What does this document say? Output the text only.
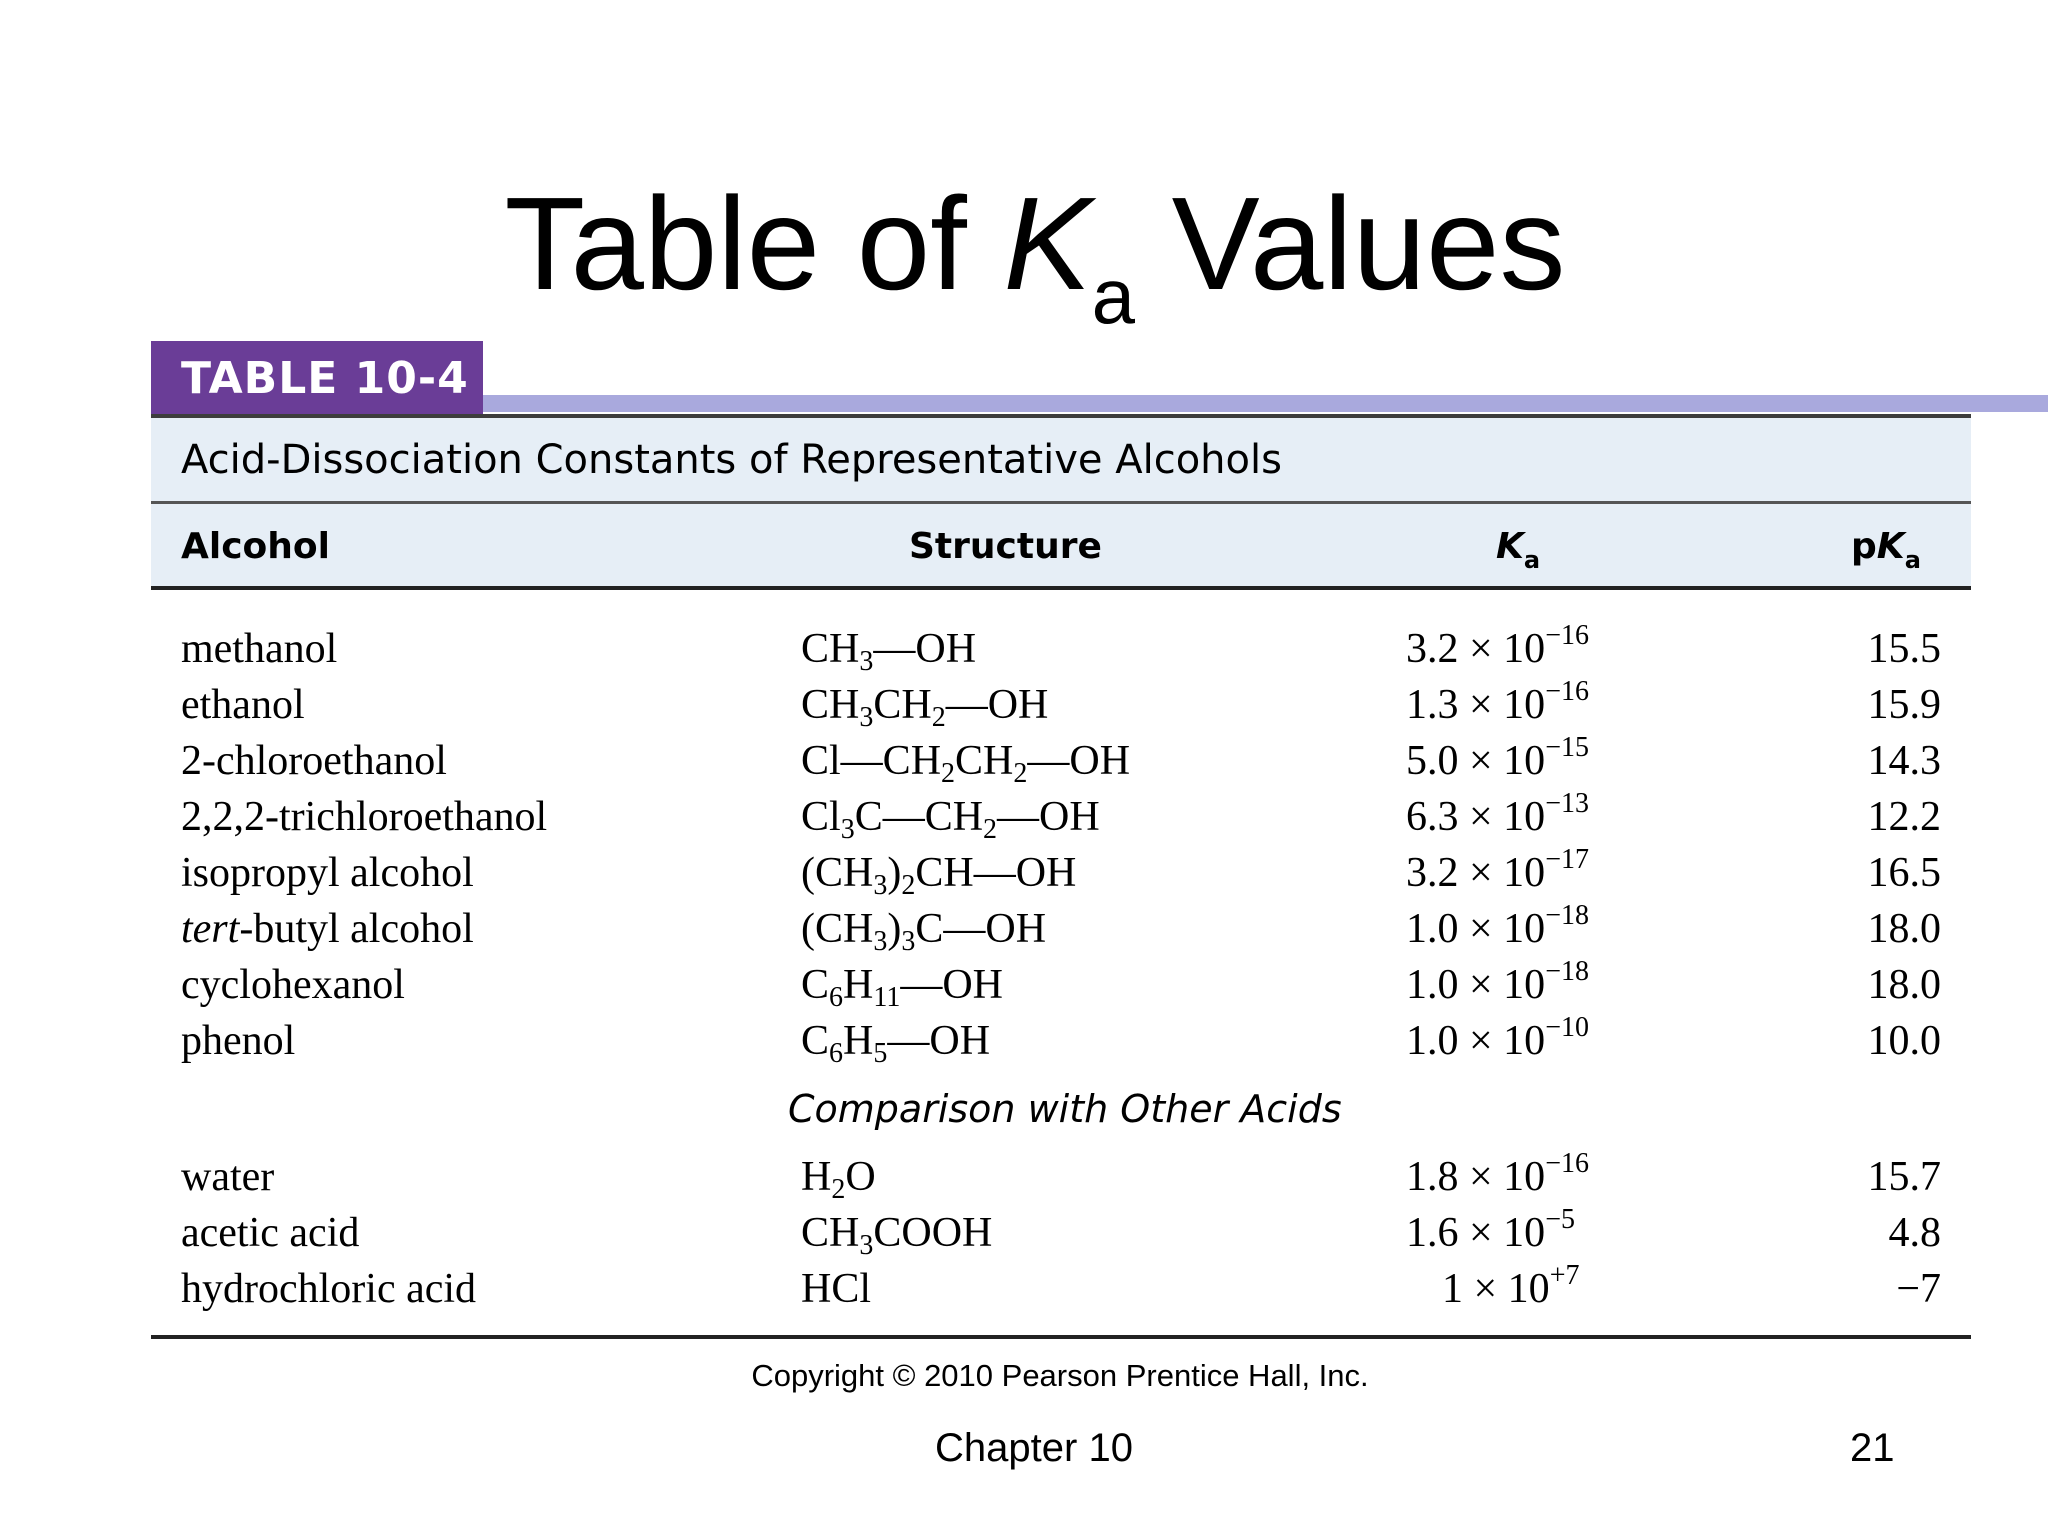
Table of $K_a$ Values
TABLE 10-4
Acid-Dissociation Constants of Representative Alcohols
Alcohol	Structure	$K_a$	$pK_a$
methanol	$CH_3—OH$	$3.2 \times 10^{-16}$	15.5
ethanol	$CH_3CH_2—OH$	$1.3 \times 10^{-16}$	15.9
2-chloroethanol	$Cl—CH_2CH_2—OH$	$5.0 \times 10^{-15}$	14.3
2,2,2-trichloroethanol	$Cl_3C—CH_2—OH$	$6.3 \times 10^{-13}$	12.2
isopropyl alcohol	$(CH_3)_2CH—OH$	$3.2 \times 10^{-17}$	16.5
tert-butyl alcohol	$(CH_3)_3C—OH$	$1.0 \times 10^{-18}$	18.0
cyclohexanol	$C_6H_{11}—OH$	$1.0 \times 10^{-18}$	18.0
phenol	$C_6H_5—OH$	$1.0 \times 10^{-10}$	10.0
Comparison with Other Acids
water	$H_2O$	$1.8 \times 10^{-16}$	15.7
acetic acid	$CH_3COOH$	$1.6 \times 10^{-5}$	4.8
hydrochloric acid	HCl	$1 \times 10^{+7}$	−7
Copyright © 2010 Pearson Prentice Hall, Inc.
Chapter 10	21
